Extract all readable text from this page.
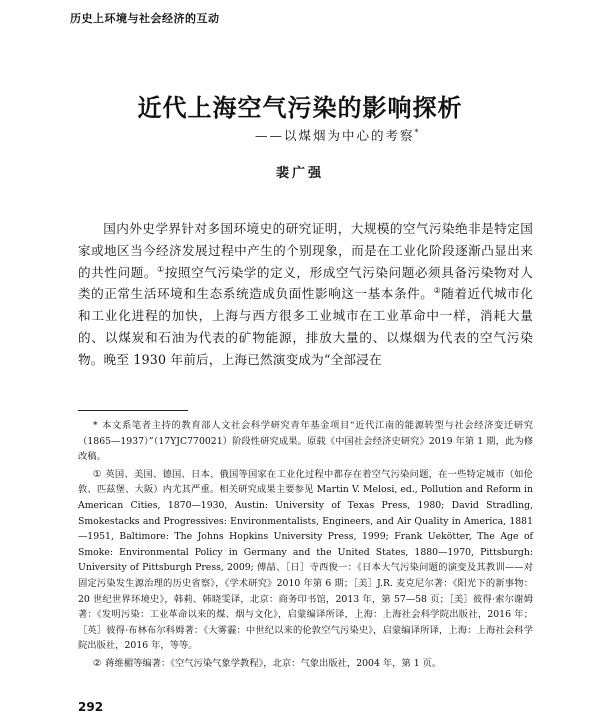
历史上环境与社会经济的互动
近代上海空气污染的影响探析
——以煤烟为中心的考察*
裴广强

国内外史学界针对多国环境史的研究证明，大规模的空气污染绝非是特定国家或地区当今经济发展过程中产生的个别现象，而是在工业化阶段逐渐凸显出来的共性问题。①按照空气污染学的定义，形成空气污染问题必须具备污染物对人类的正常生活环境和生态系统造成负面性影响这一基本条件。②随着近代城市化和工业化进程的加快，上海与西方很多工业城市在工业革命中一样，消耗大量的、以煤炭和石油为代表的矿物能源，排放大量的、以煤烟为代表的空气污染物。晚至 1930 年前后，上海已然演变成为“全部浸在

* 本文系笔者主持的教育部人文社会科学研究青年基金项目“近代江南的能源转型与社会经济变迁研究（1865—1937）”（17YJC770021）阶段性研究成果。原载《中国社会经济史研究》2019 年第 1 期，此为修改稿。

① 英国、美国、德国、日本、俄国等国家在工业化过程中都存在着空气污染问题，在一些特定城市（如伦敦、匹兹堡、大阪）内尤其严重。相关研究成果主要参见 Martin V. Melosi, ed., Pollution and Reform in American Cities, 1870—1930, Austin: University of Texas Press, 1980; David Stradling, Smokestacks and Progressives: Environmentalists, Engineers, and Air Quality in America, 1881—1951, Baltimore: The Johns Hopkins University Press, 1999; Frank Uekötter, The Age of Smoke: Environmental Policy in Germany and the United States, 1880—1970, Pittsburgh: University of Pittsburgh Press, 2009; 傅喆、［日］寺西俊一：《日本大气污染问题的演变及其教训——对固定污染发生源治理的历史省察》，《学术研究》2010 年第 6 期；［美］J.R. 麦克尼尔著：《阳光下的新事物：20 世纪世界环境史》，韩莉、韩晓雯译，北京：商务印书馆，2013 年，第 57—58 页；［美］彼得·索尔谢姆著：《发明污染：工业革命以来的煤、烟与文化》，启蒙编译所译，上海：上海社会科学院出版社，2016 年；［英］彼得·布林布尔科姆著：《大雾霾：中世纪以来的伦敦空气污染史》，启蒙编译所译，上海：上海社会科学院出版社，2016 年，等等。

② 蒋维楣等编著：《空气污染气象学教程》，北京：气象出版社，2004 年，第 1 页。

292
